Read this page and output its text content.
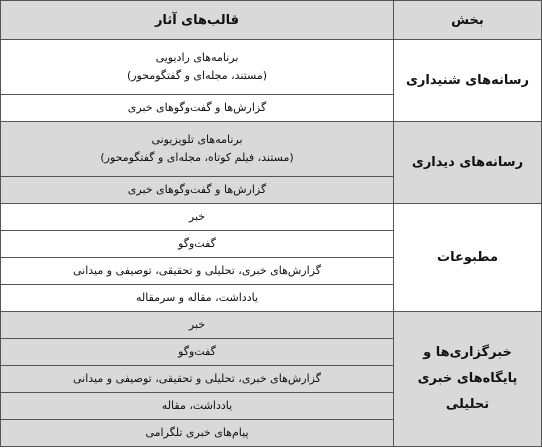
بخش	قالب‌های آثار

رسانه‌های شنیداری	برنامه‌های رادیویی
(مستند، مجله‌ای و گفتگومحور)

	گزارش‌ها و گفت‌وگوهای خبری

رسانه‌های دیداری	برنامه‌های تلویزیونی
(مستند، فیلم کوتاه، مجله‌ای و گفتگومحور)

	گزارش‌ها و گفت‌وگوهای خبری

مطبوعات	خبر

	گفت‌وگو

	گزارش‌های خبری، تحلیلی و تحقیقی، توصیفی و میدانی

	یادداشت، مقاله و سرمقاله

خبرگزاری‌ها و
پایگاه‌های خبری تحلیلی	خبر

	گفت‌وگو

	گزارش‌های خبری، تحلیلی و تحقیقی، توصیفی و میدانی

	یادداشت، مقاله

	پیام‌های خبری تلگرامی
